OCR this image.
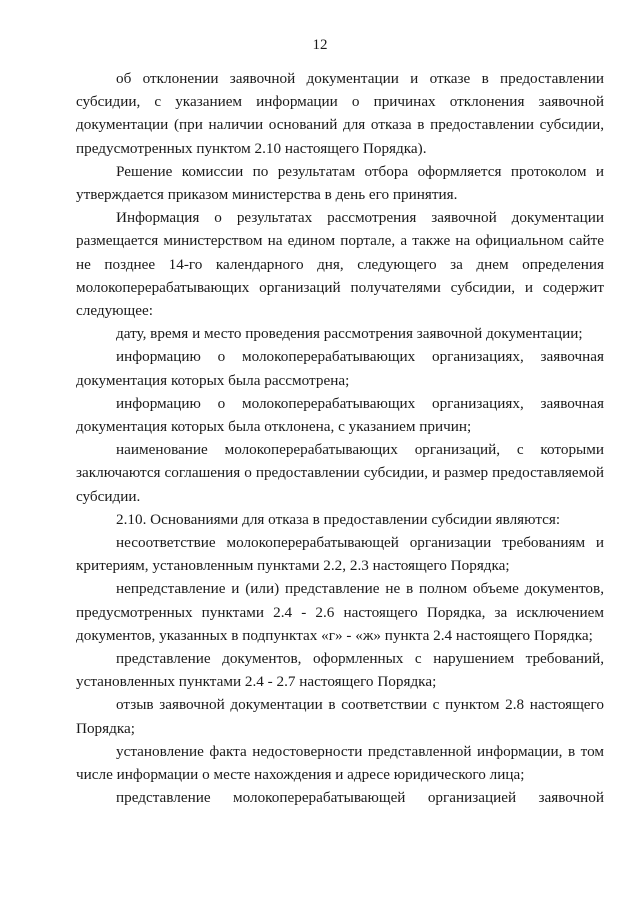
12

об отклонении заявочной документации и отказе в предоставлении субсидии, с указанием информации о причинах отклонения заявочной документации (при наличии оснований для отказа в предоставлении субсидии, предусмотренных пунктом 2.10 настоящего Порядка).

Решение комиссии по результатам отбора оформляется протоколом и утверждается приказом министерства в день его принятия.

Информация о результатах рассмотрения заявочной документации размещается министерством на едином портале, а также на официальном сайте не позднее 14-го календарного дня, следующего за днем определения молокоперерабатывающих организаций получателями субсидии, и содержит следующее:

дату, время и место проведения рассмотрения заявочной документации;

информацию о молокоперерабатывающих организациях, заявочная документация которых была рассмотрена;

информацию о молокоперерабатывающих организациях, заявочная документация которых была отклонена, с указанием причин;

наименование молокоперерабатывающих организаций, с которыми заключаются соглашения о предоставлении субсидии, и размер предоставляемой субсидии.

2.10. Основаниями для отказа в предоставлении субсидии являются:

несоответствие молокоперерабатывающей организации требованиям и критериям, установленным пунктами 2.2, 2.3 настоящего Порядка;

непредставление и (или) представление не в полном объеме документов, предусмотренных пунктами 2.4 - 2.6 настоящего Порядка, за исключением документов, указанных в подпунктах «г» - «ж» пункта 2.4 настоящего Порядка;

представление документов, оформленных с нарушением требований, установленных пунктами 2.4 - 2.7 настоящего Порядка;

отзыв заявочной документации в соответствии с пунктом 2.8 настоящего Порядка;

установление факта недостоверности представленной информации, в том числе информации о месте нахождения и адресе юридического лица;

представление молокоперерабатывающей организацией заявочной
